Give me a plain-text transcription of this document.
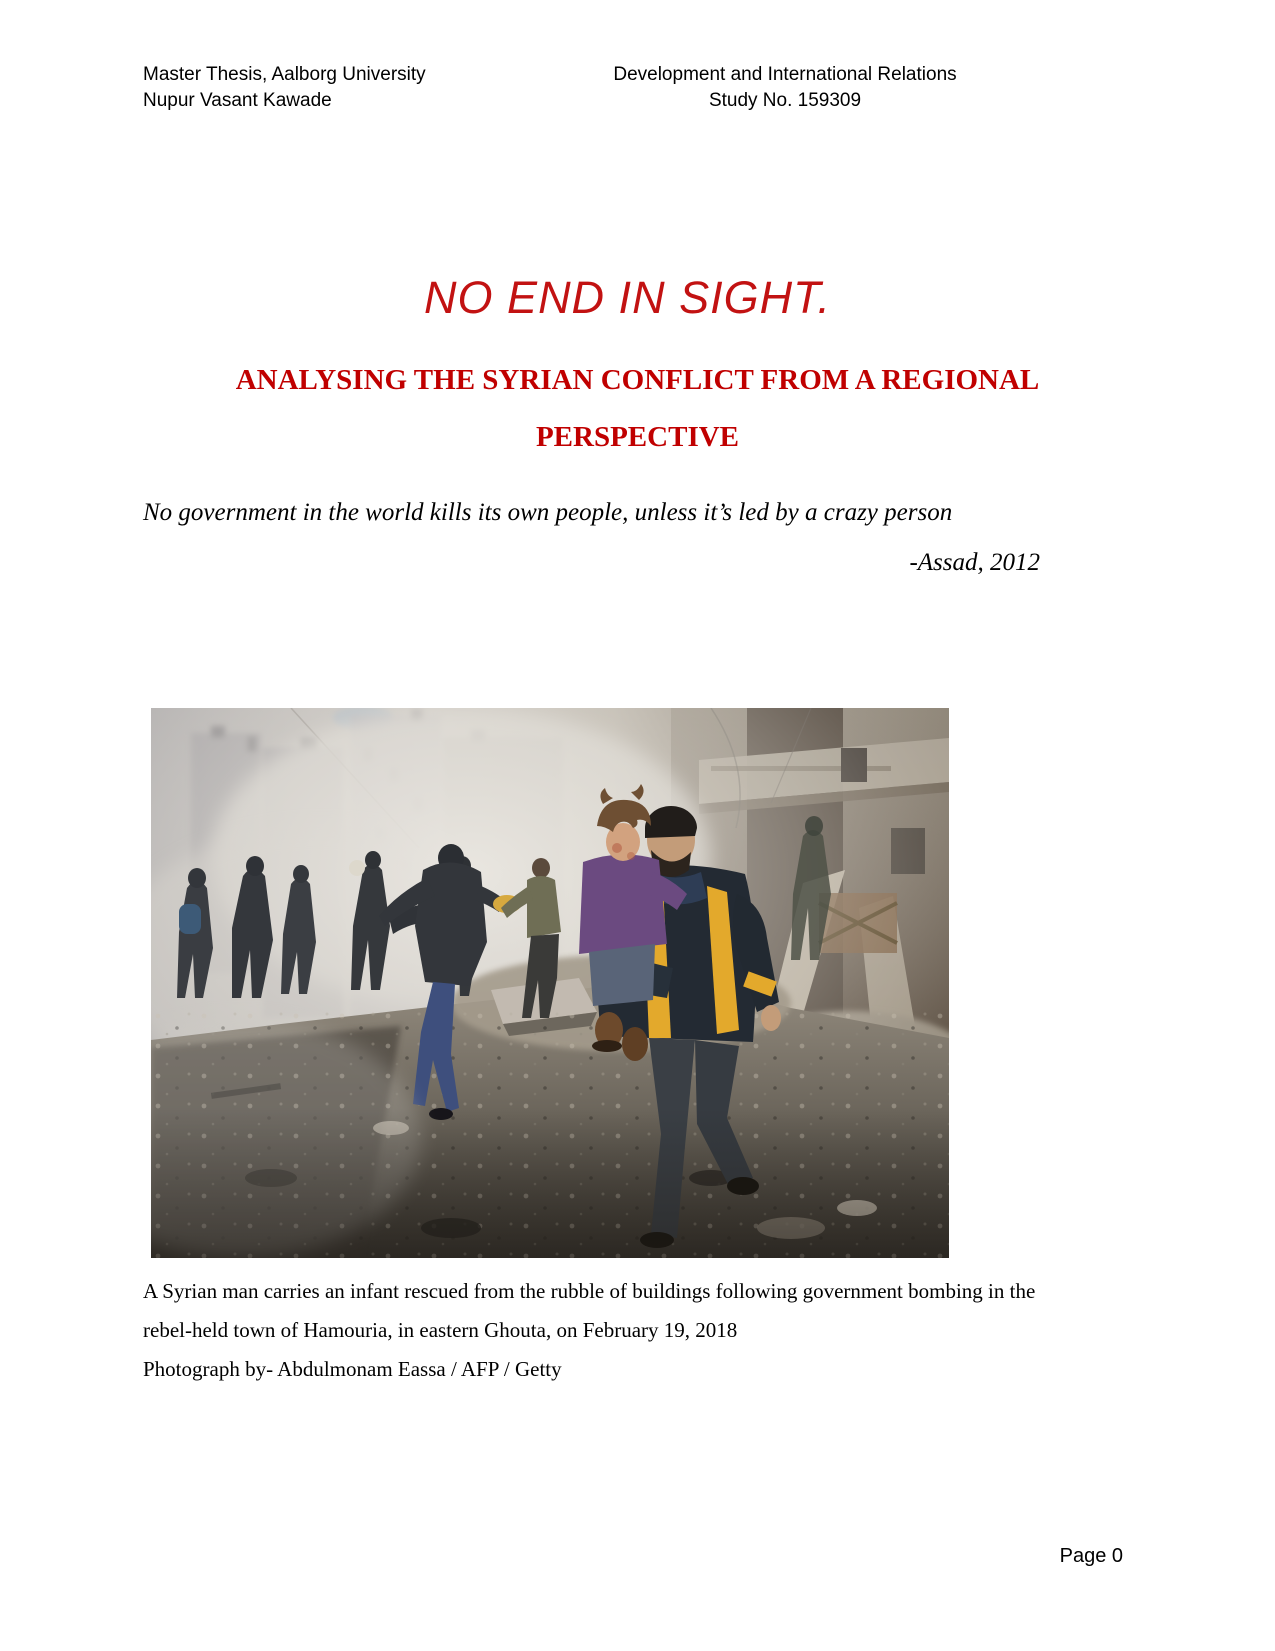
Master Thesis, Aalborg University
Nupur Vasant Kawade
Development and International Relations
Study No. 159309
NO END IN SIGHT.
ANALYSING THE SYRIAN CONFLICT FROM A REGIONAL
PERSPECTIVE
No government in the world kills its own people, unless it’s led by a crazy person
-Assad, 2012
A Syrian man carries an infant rescued from the rubble of buildings following government bombing in the
rebel-held town of Hamouria, in eastern Ghouta, on February 19, 2018
Photograph by- Abdulmonam Eassa / AFP / Getty
Page 0
